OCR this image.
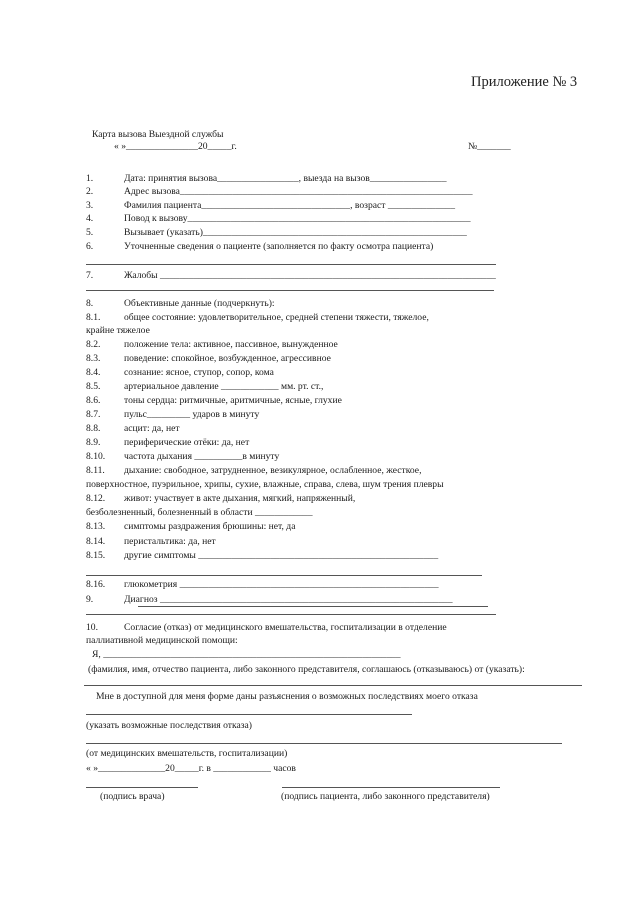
Приложение № 3
Карта вызова Выездной службы
« »_______________20_____г.	№_______
1.	Дата: принятия вызова_________________, выезда на вызов________________
2.	Адрес вызова_____________________________________________________________
3.	Фамилия пациента_______________________________, возраст ______________
4.	Повод к вызову___________________________________________________________
5.	Вызывает (указать)_______________________________________________________
6.	Уточненные сведения о пациенте (заполняется по факту осмотра пациента)
7.	Жалобы ______________________________________________________________________
8.	Объективные данные (подчеркнуть):
8.1. общее состояние: удовлетворительное, средней степени тяжести, тяжелое,
крайне тяжелое
8.2. положение тела: активное, пассивное, вынужденное
8.3. поведение: спокойное, возбужденное, агрессивное
8.4. сознание: ясное, ступор, сопор, кома
8.5. артериальное давление ____________ мм. рт. ст.,
8.6. тоны сердца: ритмичные, аритмичные, ясные, глухие
8.7. пульс_________ ударов в минуту
8.8. асцит: да, нет
8.9. периферические отёки: да, нет
8.10. частота дыхания __________в минуту
8.11. дыхание: свободное, затрудненное, везикулярное, ослабленное, жесткое,
поверхностное, пуэрильное, хрипы, сухие, влажные, справа, слева, шум трения плевры
8.12. живот: участвует в акте дыхания, мягкий, напряженный,
безболезненный, болезненный в области ____________
8.13. симптомы раздражения брюшины: нет, да
8.14. перистальтика: да, нет
8.15. другие симптомы __________________________________________________
8.16. глюкометрия ______________________________________________________
9.	Диагноз _____________________________________________________________
10.	Согласие (отказ) от медицинского вмешательства, госпитализации в отделение
паллиативной медицинской помощи:
Я, ______________________________________________________________
(фамилия, имя, отчество пациента, либо законного представителя, соглашаюсь (отказываюсь) от (указать):
Мне в доступной для меня форме даны разъяснения о возможных последствиях моего отказа
(указать возможные последствия отказа)
(от медицинских вмешательств, госпитализации)
« »______________20_____г. в ____________ часов
(подпись врача)	(подпись пациента, либо законного представителя)
